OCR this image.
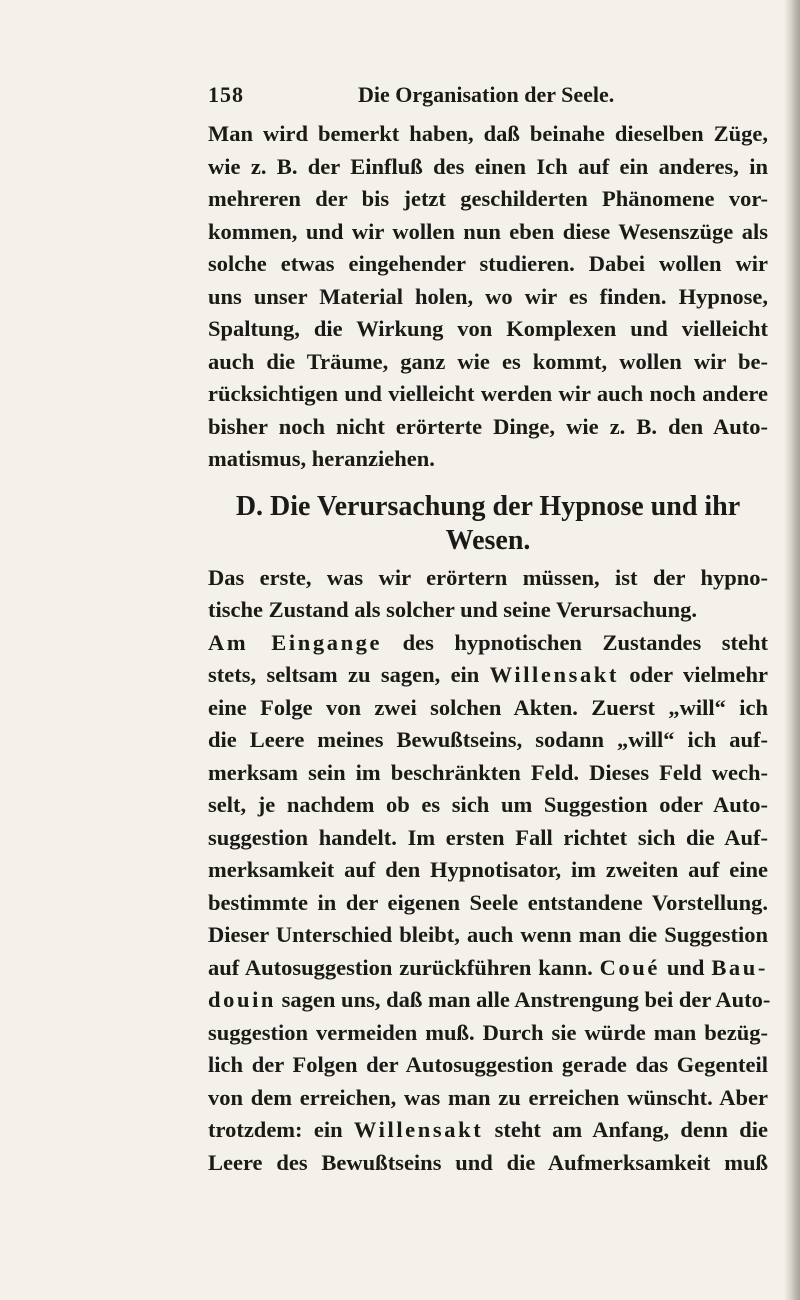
158	Die Organisation der Seele.

Man wird bemerkt haben, daß beinahe dieselben Züge,
wie z. B. der Einfluß des einen Ich auf ein anderes, in
mehreren der bis jetzt geschilderten Phänomene vor-
kommen, und wir wollen nun eben diese Wesenszüge als
solche etwas eingehender studieren. Dabei wollen wir
uns unser Material holen, wo wir es finden. Hypnose,
Spaltung, die Wirkung von Komplexen und vielleicht
auch die Träume, ganz wie es kommt, wollen wir be-
rücksichtigen und vielleicht werden wir auch noch andere
bisher noch nicht erörterte Dinge, wie z. B. den Auto-
matismus, heranziehen.

D. Die Verursachung der Hypnose und ihr
Wesen.

Das erste, was wir erörtern müssen, ist der hypno-
tische Zustand als solcher und seine Verursachung.

Am Eingange des hypnotischen Zustandes steht
stets, seltsam zu sagen, ein Willensakt oder vielmehr
eine Folge von zwei solchen Akten. Zuerst „will“ ich
die Leere meines Bewußtseins, sodann „will“ ich auf-
merksam sein im beschränkten Feld. Dieses Feld wech-
selt, je nachdem ob es sich um Suggestion oder Auto-
suggestion handelt. Im ersten Fall richtet sich die Auf-
merksamkeit auf den Hypnotisator, im zweiten auf eine
bestimmte in der eigenen Seele entstandene Vorstellung.
Dieser Unterschied bleibt, auch wenn man die Suggestion
auf Autosuggestion zurückführen kann. Coué und Bau-
douin sagen uns, daß man alle Anstrengung bei der Auto-
suggestion vermeiden muß. Durch sie würde man bezüg-
lich der Folgen der Autosuggestion gerade das Gegenteil
von dem erreichen, was man zu erreichen wünscht. Aber
trotzdem: ein Willensakt steht am Anfang, denn die
Leere des Bewußtseins und die Aufmerksamkeit muß
